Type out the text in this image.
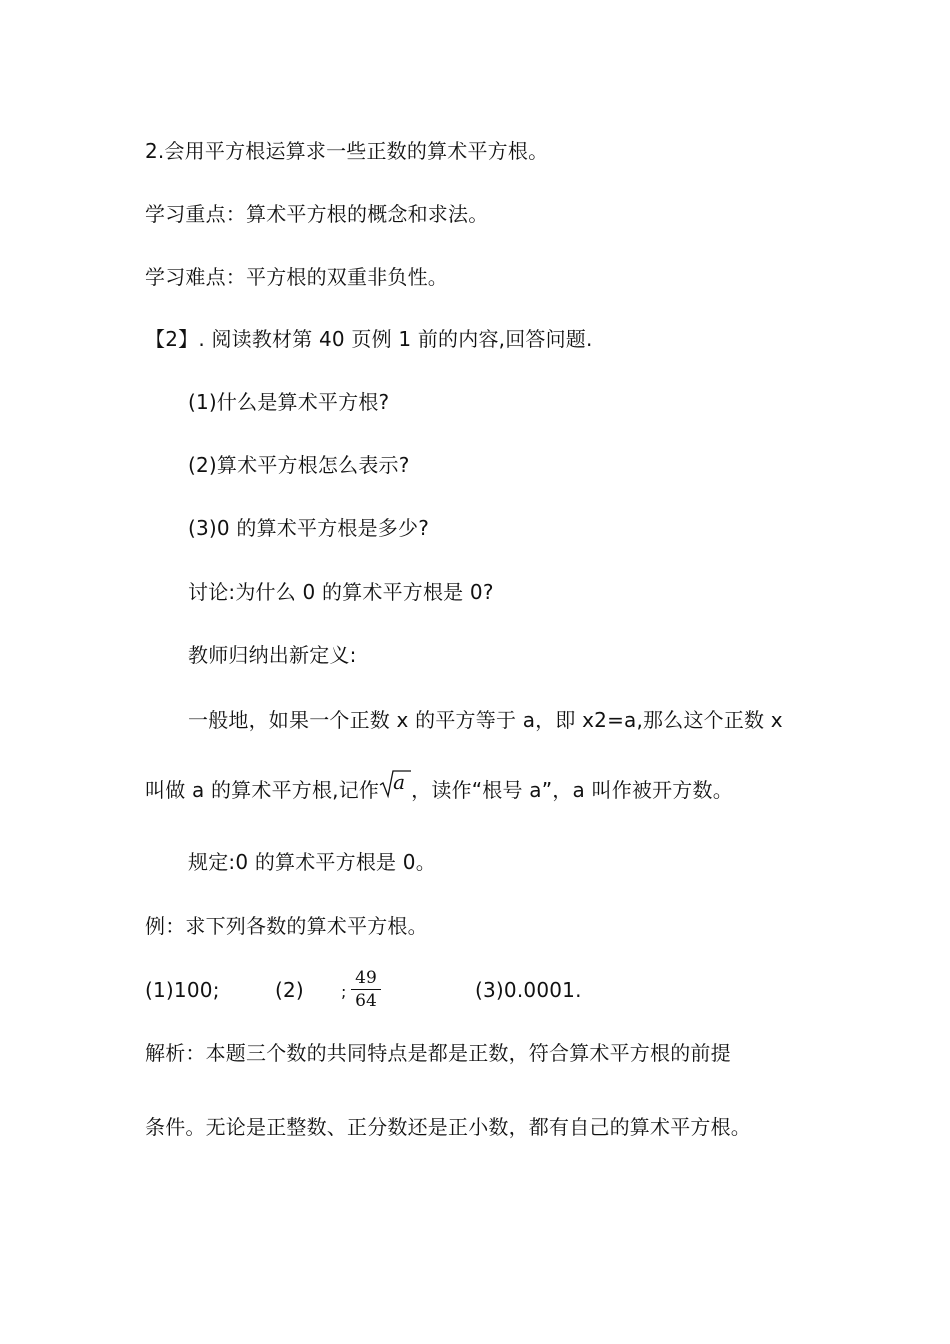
2.会用平方根运算求一些正数的算术平方根。
学习重点：算术平方根的概念和求法。
学习难点：平方根的双重非负性。
【2】. 阅读教材第 40 页例 1 前的内容,回答问题.
(1)什么是算术平方根?
(2)算术平方根怎么表示?
(3)0 的算术平方根是多少?
讨论:为什么 0 的算术平方根是 0?
教师归纳出新定义:
一般地，如果一个正数 x 的平方等于 a，即 x2=a,那么这个正数 x
叫做 a 的算术平方根,记作 a ，读作“根号 a”，a 叫作被开方数。
规定:0 的算术平方根是 0。
例：求下列各数的算术平方根。
(1)100;	(2) ;
49
64	(3)0.0001.
解析：本题三个数的共同特点是都是正数，符合算术平方根的前提
条件。无论是正整数、正分数还是正小数，都有自己的算术平方根。
